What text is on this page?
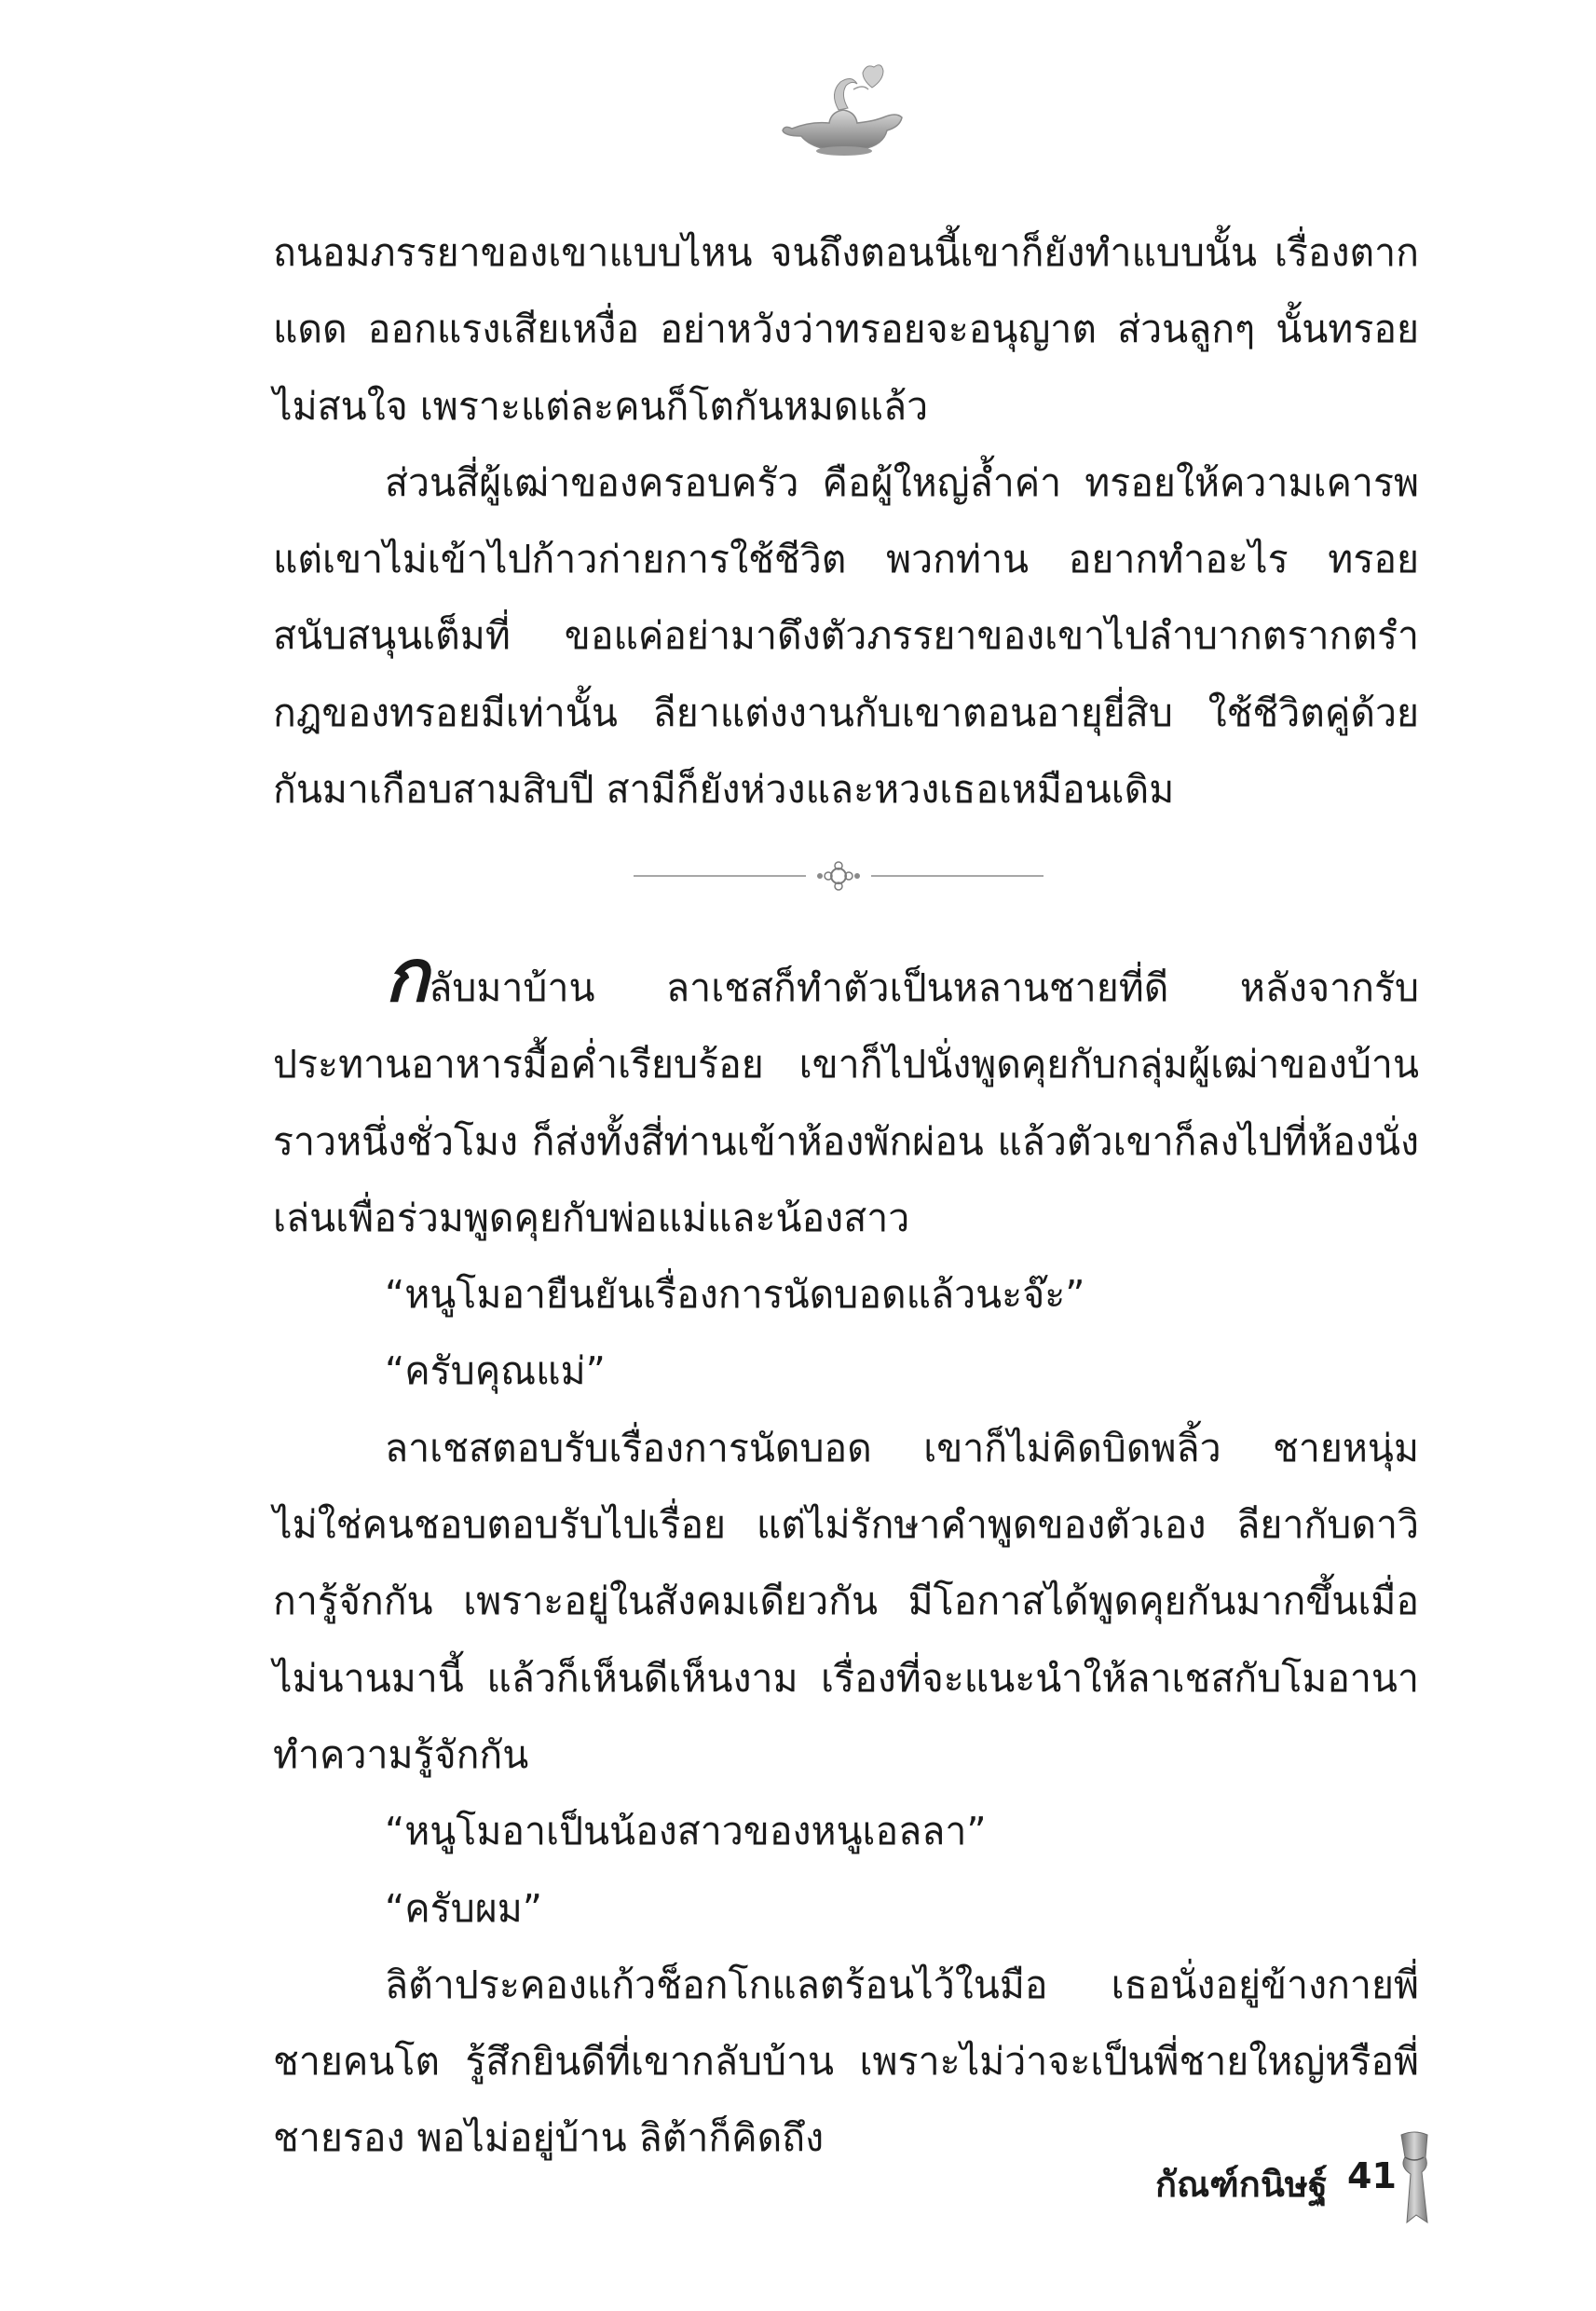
ถนอมภรรยาของเขาแบบไหน จนถึงตอนนี้เขาก็ยังทำแบบนั้น เรื่องตากแดด ออกแรงเสียเหงื่อ อย่าหวังว่าทรอยจะอนุญาต ส่วนลูกๆ นั้นทรอยไม่สนใจ เพราะแต่ละคนก็โตกันหมดแล้ว

ส่วนสี่ผู้เฒ่าของครอบครัว คือผู้ใหญ่ล้ำค่า ทรอยให้ความเคารพ แต่เขาไม่เข้าไปก้าวก่ายการใช้ชีวิต พวกท่าน อยากทำอะไร ทรอยสนับสนุนเต็มที่ ขอแค่อย่ามาดึงตัวภรรยาของเขาไปลำบากตรากตรำ กฎของทรอยมีเท่านั้น ลียาแต่งงานกับเขาตอนอายุยี่สิบ ใช้ชีวิตคู่ด้วยกันมาเกือบสามสิบปี สามีก็ยังห่วงและหวงเธอเหมือนเดิม

กลับมาบ้าน ลาเชสก็ทำตัวเป็นหลานชายที่ดี หลังจากรับประทานอาหารมื้อค่ำเรียบร้อย เขาก็ไปนั่งพูดคุยกับกลุ่มผู้เฒ่าของบ้านราวหนึ่งชั่วโมง ก็ส่งทั้งสี่ท่านเข้าห้องพักผ่อน แล้วตัวเขาก็ลงไปที่ห้องนั่งเล่นเพื่อร่วมพูดคุยกับพ่อแม่และน้องสาว

“หนูโมอายืนยันเรื่องการนัดบอดแล้วนะจ๊ะ”

“ครับคุณแม่”

ลาเชสตอบรับเรื่องการนัดบอด เขาก็ไม่คิดบิดพลิ้ว ชายหนุ่มไม่ใช่คนชอบตอบรับไปเรื่อย แต่ไม่รักษาคำพูดของตัวเอง ลียากับดาวิการู้จักกัน เพราะอยู่ในสังคมเดียวกัน มีโอกาสได้พูดคุยกันมากขึ้นเมื่อไม่นานมานี้ แล้วก็เห็นดีเห็นงาม เรื่องที่จะแนะนำให้ลาเชสกับโมอานาทำความรู้จักกัน

“หนูโมอาเป็นน้องสาวของหนูเอลลา”

“ครับผม”

ลิต้าประคองแก้วช็อกโกแลตร้อนไว้ในมือ เธอนั่งอยู่ข้างกายพี่ชายคนโต รู้สึกยินดีที่เขากลับบ้าน เพราะไม่ว่าจะเป็นพี่ชายใหญ่หรือพี่ชายรอง พอไม่อยู่บ้าน ลิต้าก็คิดถึง

กัณฑ์กนิษฐ์ 41
